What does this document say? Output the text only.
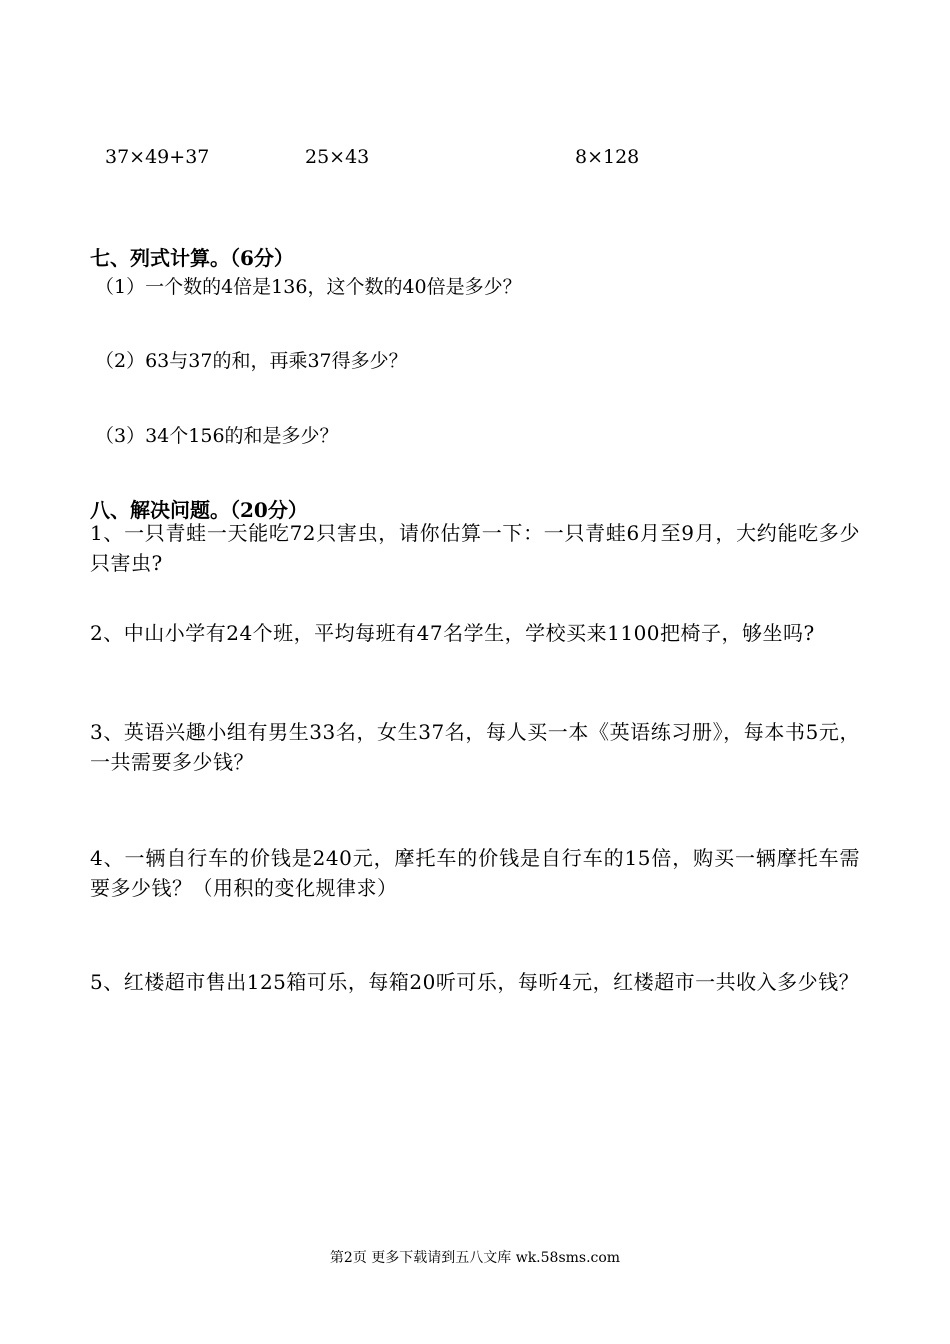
37×49+37	25×43	8×128
七、列式计算。（6分）
（1）一个数的4倍是136，这个数的40倍是多少？
（2）63与37的和，再乘37得多少？
（3）34个156的和是多少？
八、解决问题。（20分）
1、一只青蛙一天能吃72只害虫，请你估算一下：一只青蛙6月至9月，大约能吃多少只害虫?
2、中山小学有24个班，平均每班有47名学生，学校买来1100把椅子，够坐吗?
3、英语兴趣小组有男生33名，女生37名，每人买一本《英语练习册》，每本书5元，一共需要多少钱？
4、一辆自行车的价钱是240元，摩托车的价钱是自行车的15倍，购买一辆摩托车需要多少钱？（用积的变化规律求）
5、红楼超市售出125箱可乐，每箱20听可乐，每听4元，红楼超市一共收入多少钱？
第2页 更多下载请到五八文库 wk.58sms.com
